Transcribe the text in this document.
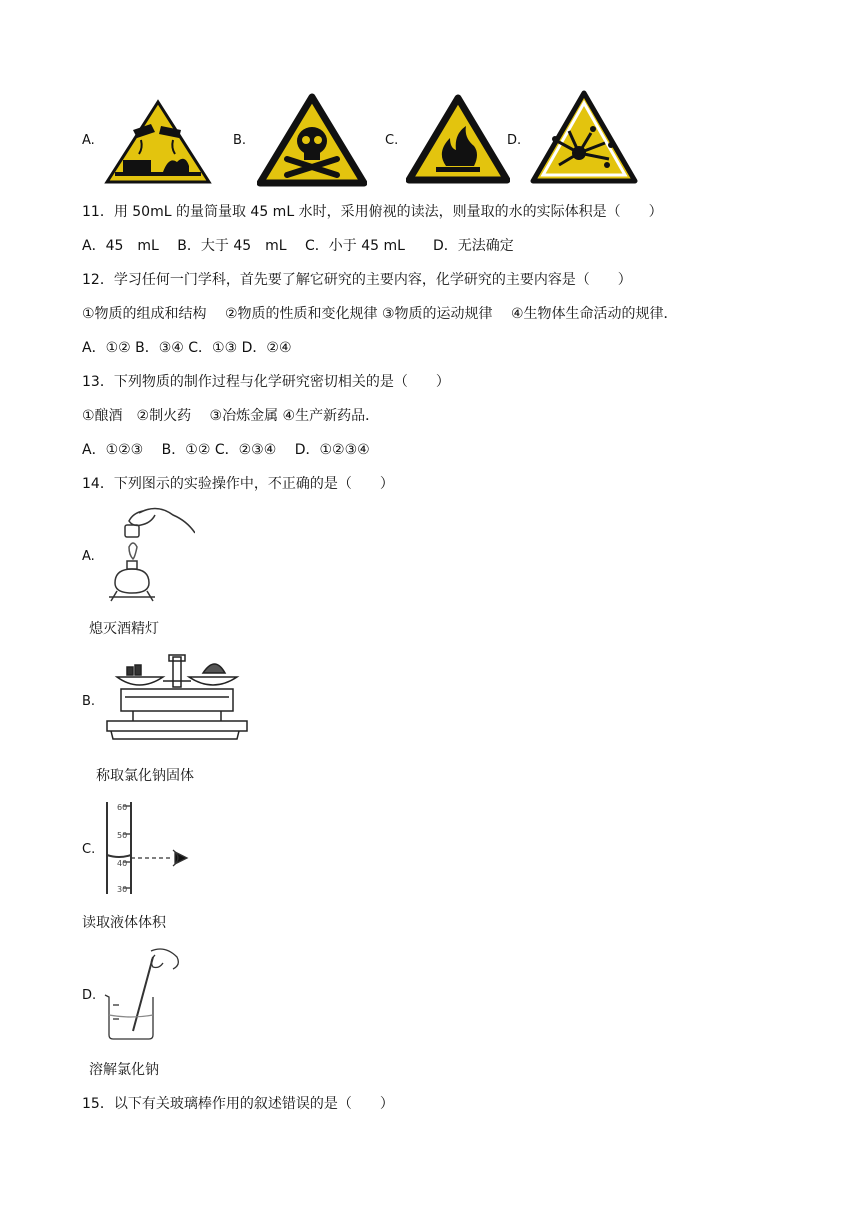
A.	B.	C.	D.
11．用 50mL 的量筒量取 45 mL 水时，采用俯视的读法，则量取的水的实际体积是（　　）
A．45　mL　 B．大于 45　mL　 C．小于 45 mL　　D．无法确定
12．学习任何一门学科，首先要了解它研究的主要内容，化学研究的主要内容是（　　）
①物质的组成和结构　 ②物质的性质和变化规律 ③物质的运动规律　 ④生物体生命活动的规律．
A．①② B．③④ C．①③ D．②④
13．下列物质的制作过程与化学研究密切相关的是（　　）
①酿酒　②制火药　 ③冶炼金属 ④生产新药品．
A．①②③　 B．①② C．②③④　 D．①②③④
14．下列图示的实验操作中，不正确的是（　　）
A.
熄灭酒精灯
B.
称取氯化钠固体
C.
60
50
40
30
读取液体体积
D.
溶解氯化钠
15．以下有关玻璃棒作用的叙述错误的是（　　）
